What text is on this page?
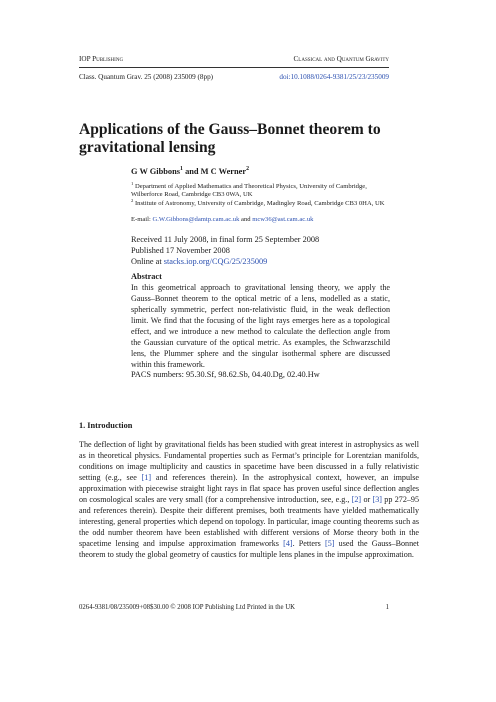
IOP Publishing	Classical and Quantum Gravity

Class. Quantum Grav. 25 (2008) 235009 (8pp)	doi:10.1088/0264-9381/25/23/235009
Applications of the Gauss–Bonnet theorem to gravitational lensing

G W Gibbons$^1$ and M C Werner$^2$

$^1$ Department of Applied Mathematics and Theoretical Physics, University of Cambridge,
Wilberforce Road, Cambridge CB3 0WA, UK
$^2$ Institute of Astronomy, University of Cambridge, Madingley Road, Cambridge CB3 0HA, UK

E-mail: G.W.Gibbons@damtp.cam.ac.uk and mcw36@ast.cam.ac.uk

Received 11 July 2008, in final form 25 September 2008
Published 17 November 2008
Online at stacks.iop.org/CQG/25/235009

Abstract

In this geometrical approach to gravitational lensing theory, we apply the Gauss–Bonnet theorem to the optical metric of a lens, modelled as a static, spherically symmetric, perfect non-relativistic fluid, in the weak deflection limit. We find that the focusing of the light rays emerges here as a topological effect, and we introduce a new method to calculate the deflection angle from the Gaussian curvature of the optical metric. As examples, the Schwarzschild lens, the Plummer sphere and the singular isothermal sphere are discussed within this framework.

PACS numbers: 95.30.Sf, 98.62.Sb, 04.40.Dg, 02.40.Hw

1. Introduction

The deflection of light by gravitational fields has been studied with great interest in astrophysics as well as in theoretical physics. Fundamental properties such as Fermat’s principle for Lorentzian manifolds, conditions on image multiplicity and caustics in spacetime have been discussed in a fully relativistic setting (e.g., see [1] and references therein). In the astrophysical context, however, an impulse approximation with piecewise straight light rays in flat space has proven useful since deflection angles on cosmological scales are very small (for a comprehensive introduction, see, e.g., [2] or [3] pp 272–95 and references therein). Despite their different premises, both treatments have yielded mathematically interesting, general properties which depend on topology. In particular, image counting theorems such as the odd number theorem have been established with different versions of Morse theory both in the spacetime lensing and impulse approximation frameworks [4]. Petters [5] used the Gauss–Bonnet theorem to study the global geometry of caustics for multiple lens planes in the impulse approximation.

0264-9381/08/235009+08$30.00 © 2008 IOP Publishing Ltd Printed in the UK	1
